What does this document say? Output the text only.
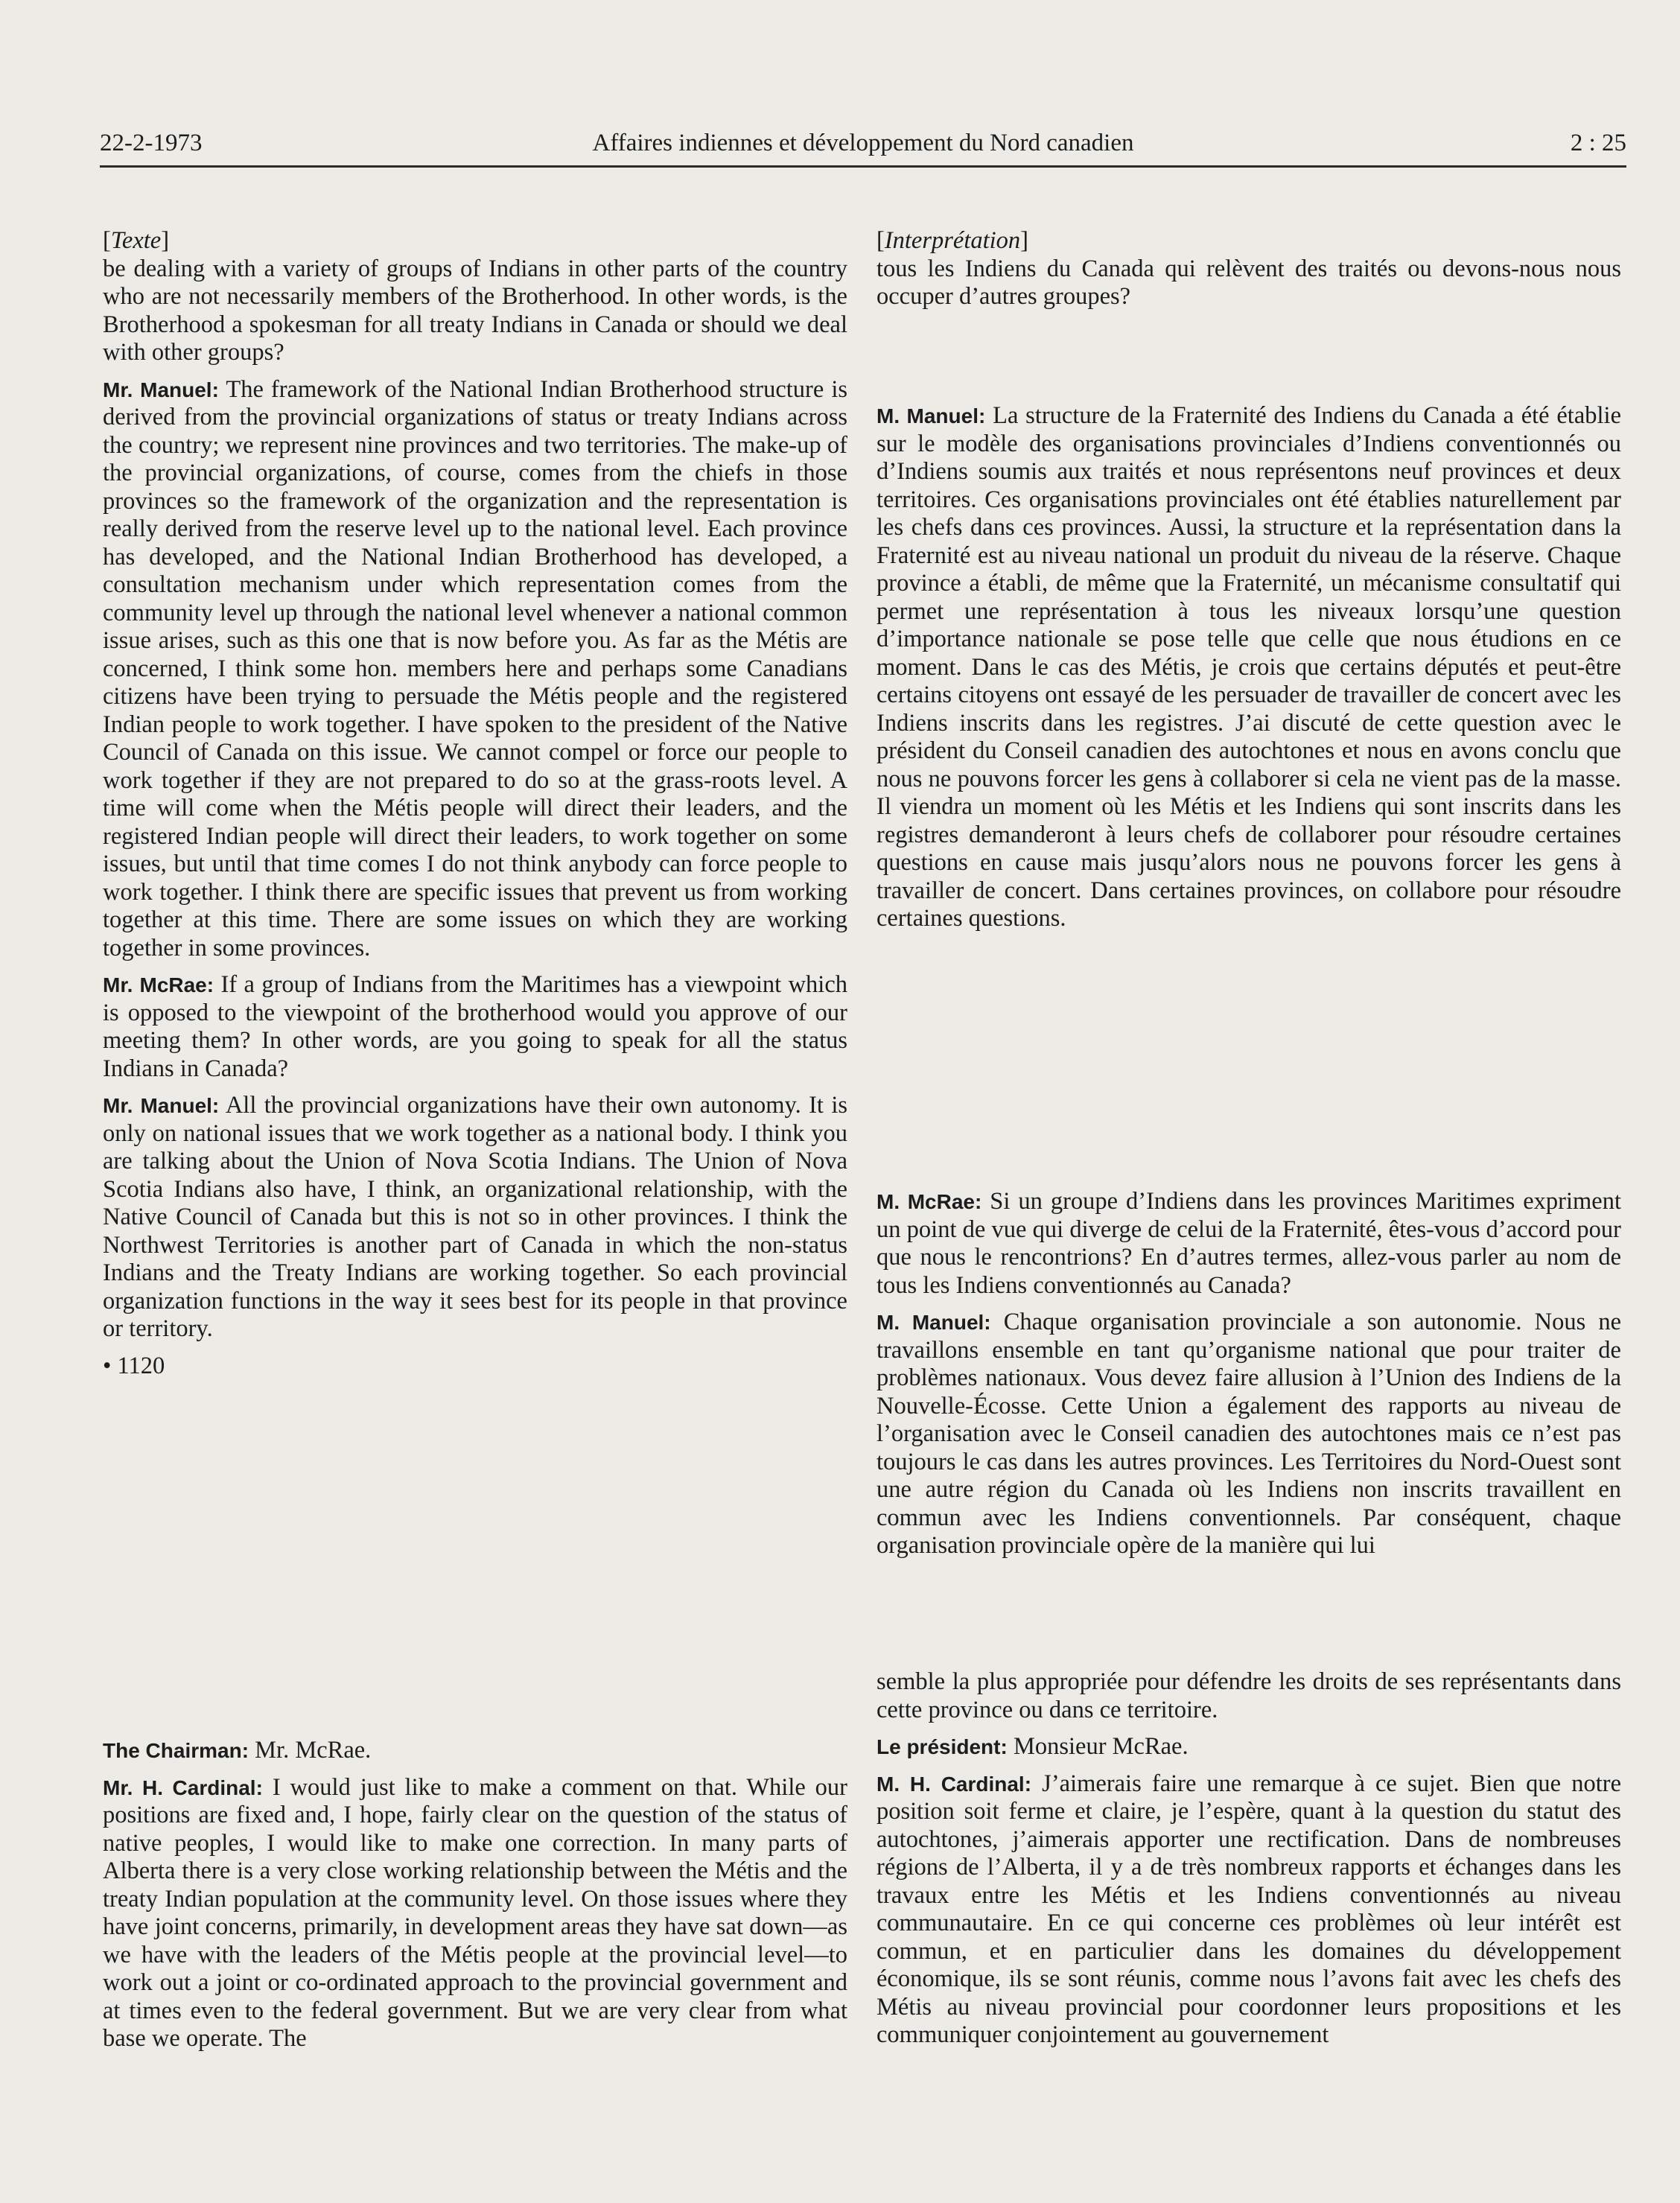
22-2-1973	Affaires indiennes et développement du Nord canadien	2 : 25

[Texte]

be dealing with a variety of groups of Indians in other parts of the country who are not necessarily members of the Brotherhood. In other words, is the Brotherhood a spokesman for all treaty Indians in Canada or should we deal with other groups?

Mr. Manuel: The framework of the National Indian Brotherhood structure is derived from the provincial organizations of status or treaty Indians across the country; we represent nine provinces and two territories. The make-up of the provincial organizations, of course, comes from the chiefs in those provinces so the framework of the organization and the representation is really derived from the reserve level up to the national level. Each province has developed, and the National Indian Brotherhood has developed, a consultation mechanism under which representation comes from the community level up through the national level whenever a national common issue arises, such as this one that is now before you. As far as the Métis are concerned, I think some hon. members here and perhaps some Canadians citizens have been trying to persuade the Métis people and the registered Indian people to work together. I have spoken to the president of the Native Council of Canada on this issue. We cannot compel or force our people to work together if they are not prepared to do so at the grass-roots level. A time will come when the Métis people will direct their leaders, and the registered Indian people will direct their leaders, to work together on some issues, but until that time comes I do not think anybody can force people to work together. I think there are specific issues that prevent us from working together at this time. There are some issues on which they are working together in some provinces.

Mr. McRae: If a group of Indians from the Maritimes has a viewpoint which is opposed to the viewpoint of the brotherhood would you approve of our meeting them? In other words, are you going to speak for all the status Indians in Canada?

Mr. Manuel: All the provincial organizations have their own autonomy. It is only on national issues that we work together as a national body. I think you are talking about the Union of Nova Scotia Indians. The Union of Nova Scotia Indians also have, I think, an organizational relationship, with the Native Council of Canada but this is not so in other provinces. I think the Northwest Territories is another part of Canada in which the non-status Indians and the Treaty Indians are working together. So each provincial organization functions in the way it sees best for its people in that province or territory.

• 1120

The Chairman: Mr. McRae.

Mr. H. Cardinal: I would just like to make a comment on that. While our positions are fixed and, I hope, fairly clear on the question of the status of native peoples, I would like to make one correction. In many parts of Alberta there is a very close working relationship between the Métis and the treaty Indian population at the community level. On those issues where they have joint concerns, primarily, in development areas they have sat down—as we have with the leaders of the Métis people at the provincial level—to work out a joint or co-ordinated approach to the provincial government and at times even to the federal government. But we are very clear from what base we operate. The

[Interprétation]

tous les Indiens du Canada qui relèvent des traités ou devons-nous nous occuper d’autres groupes?

M. Manuel: La structure de la Fraternité des Indiens du Canada a été établie sur le modèle des organisations provinciales d’Indiens conventionnés ou d’Indiens soumis aux traités et nous représentons neuf provinces et deux territoires. Ces organisations provinciales ont été établies naturellement par les chefs dans ces provinces. Aussi, la structure et la représentation dans la Fraternité est au niveau national un produit du niveau de la réserve. Chaque province a établi, de même que la Fraternité, un mécanisme consultatif qui permet une représentation à tous les niveaux lorsqu’une question d’importance nationale se pose telle que celle que nous étudions en ce moment. Dans le cas des Métis, je crois que certains députés et peut-être certains citoyens ont essayé de les persuader de travailler de concert avec les Indiens inscrits dans les registres. J’ai discuté de cette question avec le président du Conseil canadien des autochtones et nous en avons conclu que nous ne pouvons forcer les gens à collaborer si cela ne vient pas de la masse. Il viendra un moment où les Métis et les Indiens qui sont inscrits dans les registres demanderont à leurs chefs de collaborer pour résoudre certaines questions en cause mais jusqu’alors nous ne pouvons forcer les gens à travailler de concert. Dans certaines provinces, on collabore pour résoudre certaines questions.

M. McRae: Si un groupe d’Indiens dans les provinces Maritimes expriment un point de vue qui diverge de celui de la Fraternité, êtes-vous d’accord pour que nous le rencontrions? En d’autres termes, allez-vous parler au nom de tous les Indiens conventionnés au Canada?

M. Manuel: Chaque organisation provinciale a son autonomie. Nous ne travaillons ensemble en tant qu’organisme national que pour traiter de problèmes nationaux. Vous devez faire allusion à l’Union des Indiens de la Nouvelle-Écosse. Cette Union a également des rapports au niveau de l’organisation avec le Conseil canadien des autochtones mais ce n’est pas toujours le cas dans les autres provinces. Les Territoires du Nord-Ouest sont une autre région du Canada où les Indiens non inscrits travaillent en commun avec les Indiens conventionnels. Par conséquent, chaque organisation provinciale opère de la manière qui lui

semble la plus appropriée pour défendre les droits de ses représentants dans cette province ou dans ce territoire.

Le président: Monsieur McRae.

M. H. Cardinal: J’aimerais faire une remarque à ce sujet. Bien que notre position soit ferme et claire, je l’espère, quant à la question du statut des autochtones, j’aimerais apporter une rectification. Dans de nombreuses régions de l’Alberta, il y a de très nombreux rapports et échanges dans les travaux entre les Métis et les Indiens conventionnés au niveau communautaire. En ce qui concerne ces problèmes où leur intérêt est commun, et en particulier dans les domaines du développement économique, ils se sont réunis, comme nous l’avons fait avec les chefs des Métis au niveau provincial pour coordonner leurs propositions et les communiquer conjointement au gouvernement
